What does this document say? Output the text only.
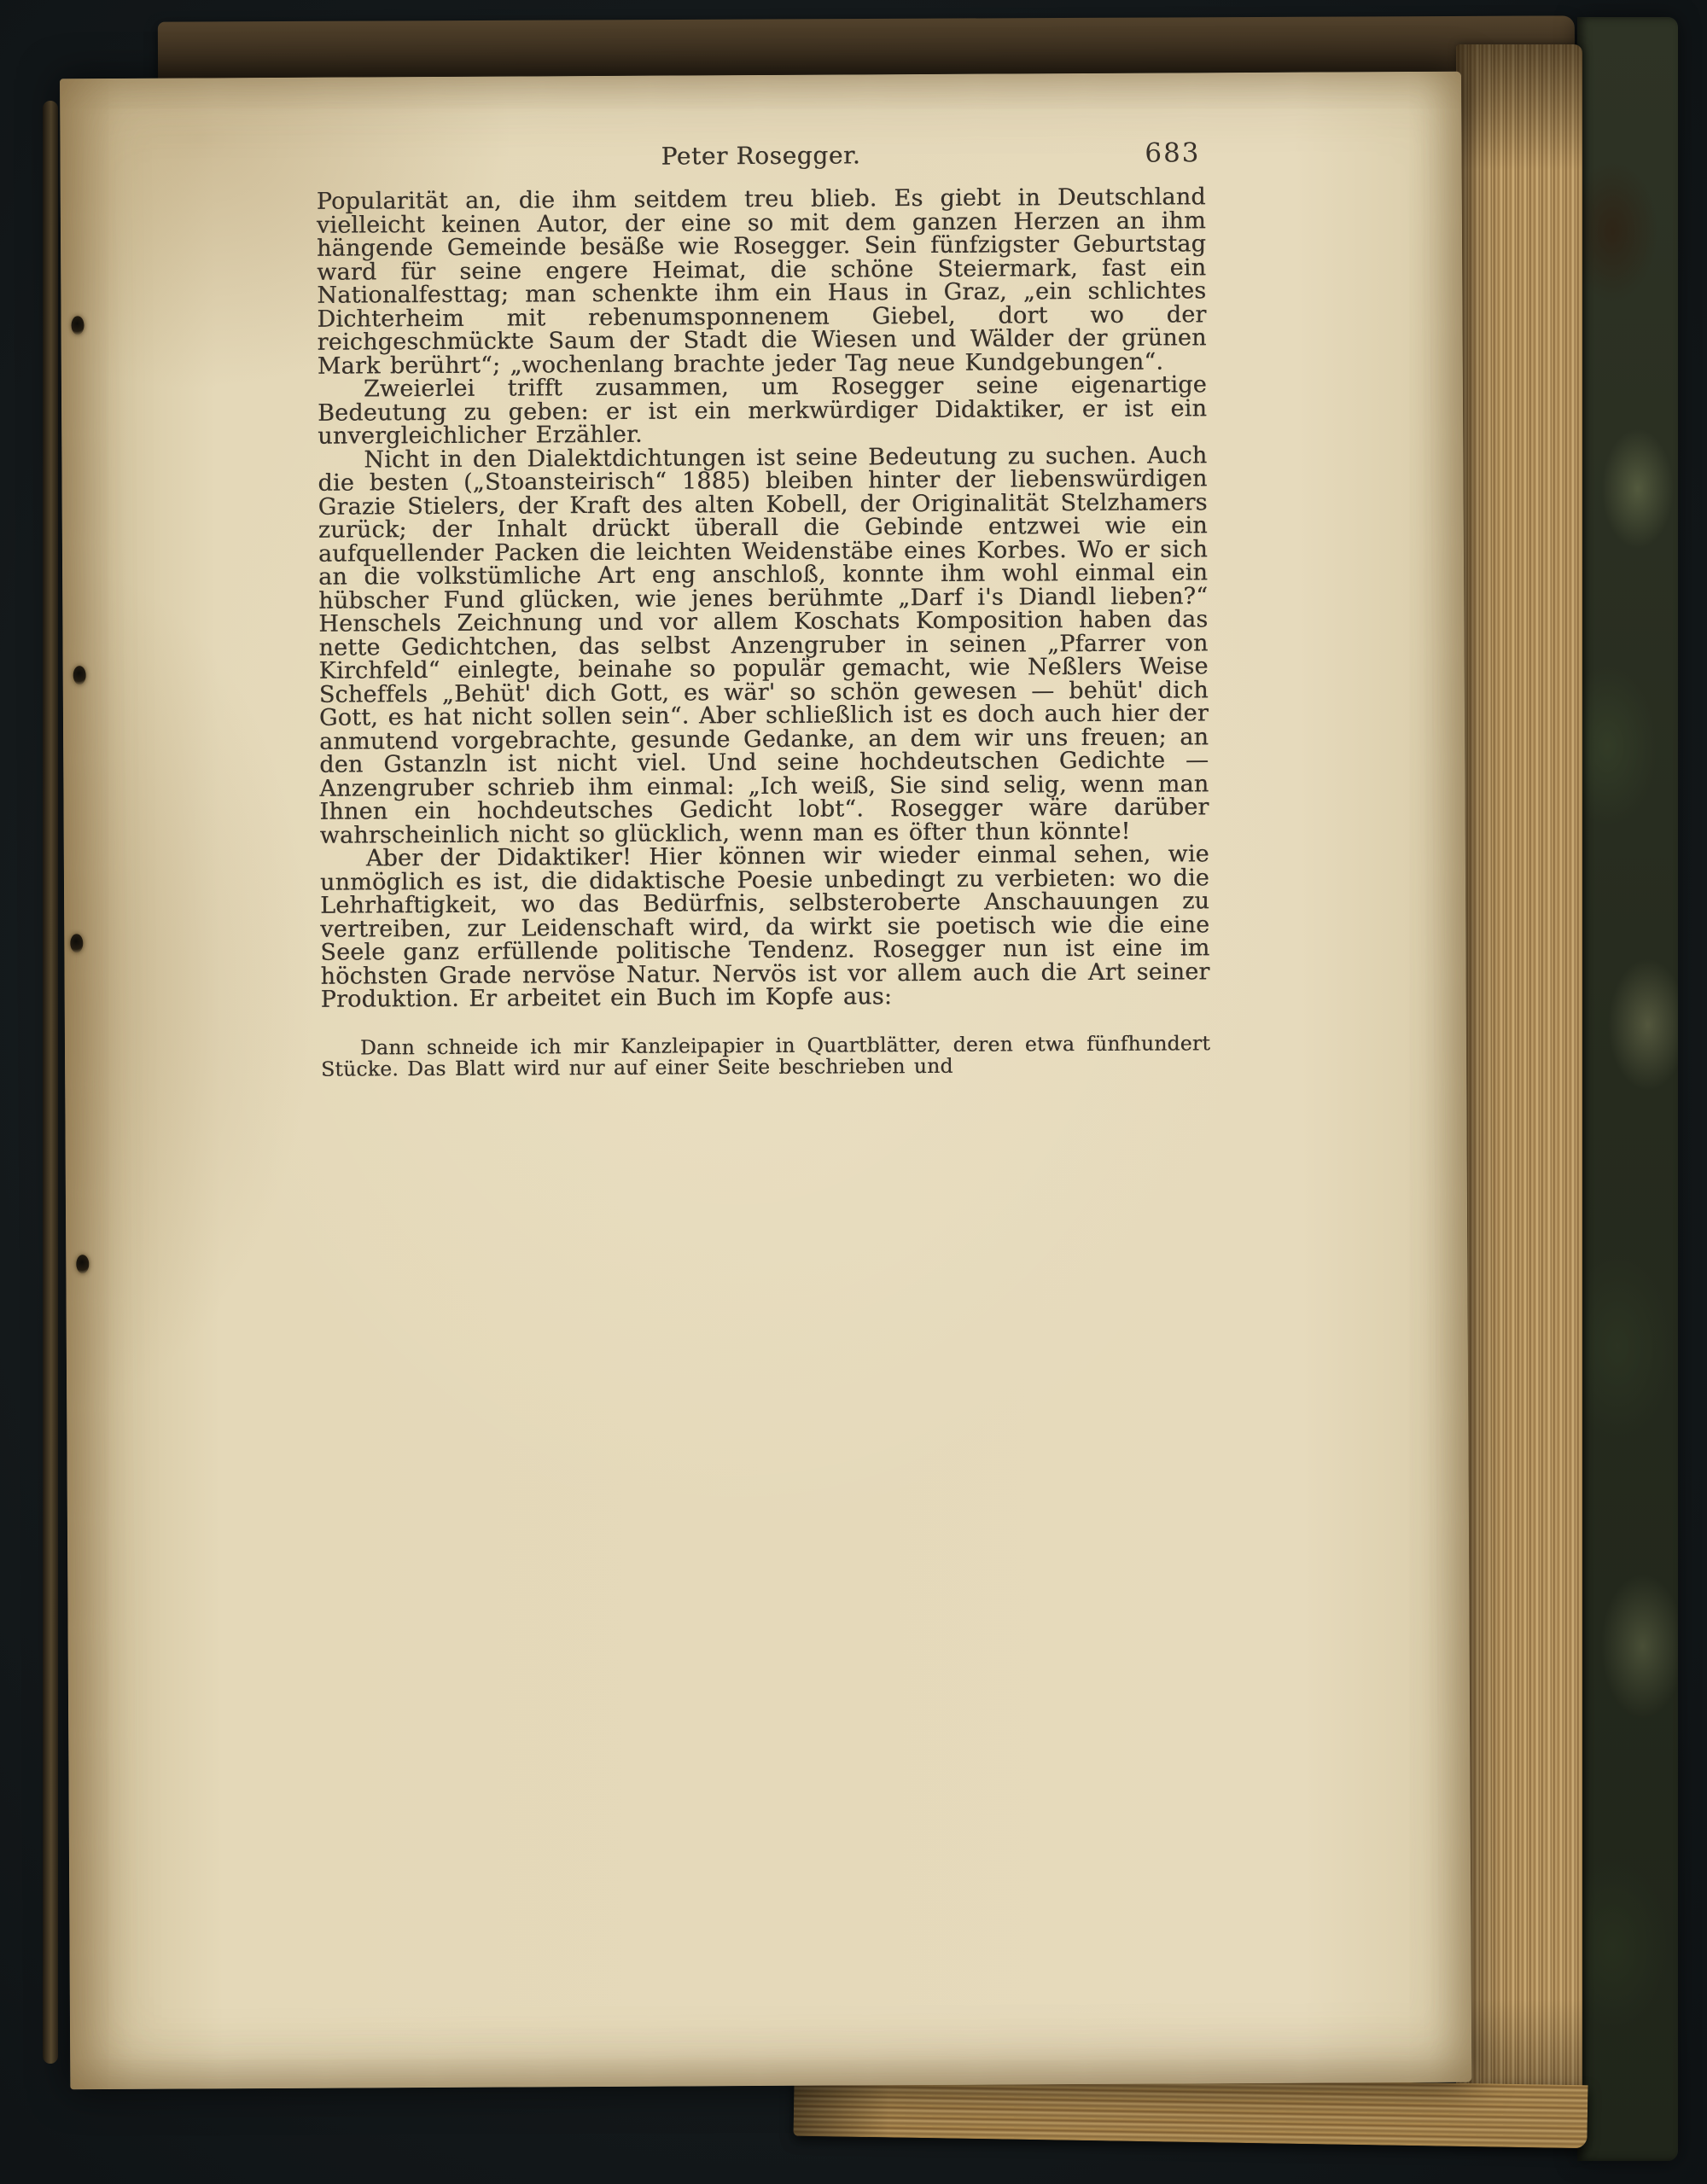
Peter Rosegger.	683

Popularität an, die ihm seitdem treu blieb. Es giebt in Deutschland vielleicht keinen Autor, der eine so mit dem ganzen Herzen an ihm hängende Gemeinde besäße wie Rosegger. Sein fünfzigster Geburtstag ward für seine engere Heimat, die schöne Steiermark, fast ein Nationalfesttag; man schenkte ihm ein Haus in Graz, „ein schlichtes Dichterheim mit rebenumsponnenem Giebel, dort wo der reichgeschmückte Saum der Stadt die Wiesen und Wälder der grünen Mark berührt“; „wochenlang brachte jeder Tag neue Kundgebungen“.

Zweierlei trifft zusammen, um Rosegger seine eigenartige Bedeutung zu geben: er ist ein merkwürdiger Didaktiker, er ist ein unvergleichlicher Erzähler.

Nicht in den Dialektdichtungen ist seine Bedeutung zu suchen. Auch die besten („Stoansteirisch“ 1885) bleiben hinter der liebenswürdigen Grazie Stielers, der Kraft des alten Kobell, der Originalität Stelzhamers zurück; der Inhalt drückt überall die Gebinde entzwei wie ein aufquellender Packen die leichten Weidenstäbe eines Korbes. Wo er sich an die volkstümliche Art eng anschloß, konnte ihm wohl einmal ein hübscher Fund glücken, wie jenes berühmte „Darf i's Diandl lieben?“ Henschels Zeichnung und vor allem Koschats Komposition haben das nette Gedichtchen, das selbst Anzengruber in seinen „Pfarrer von Kirchfeld“ einlegte, beinahe so populär gemacht, wie Neßlers Weise Scheffels „Behüt' dich Gott, es wär' so schön gewesen — behüt' dich Gott, es hat nicht sollen sein“. Aber schließlich ist es doch auch hier der anmutend vorgebrachte, gesunde Gedanke, an dem wir uns freuen; an den Gstanzln ist nicht viel. Und seine hochdeutschen Gedichte — Anzengruber schrieb ihm einmal: „Ich weiß, Sie sind selig, wenn man Ihnen ein hochdeutsches Gedicht lobt“. Rosegger wäre darüber wahrscheinlich nicht so glücklich, wenn man es öfter thun könnte!

Aber der Didaktiker! Hier können wir wieder einmal sehen, wie unmöglich es ist, die didaktische Poesie unbedingt zu verbieten: wo die Lehrhaftigkeit, wo das Bedürfnis, selbsteroberte Anschauungen zu vertreiben, zur Leidenschaft wird, da wirkt sie poetisch wie die eine Seele ganz erfüllende politische Tendenz. Rosegger nun ist eine im höchsten Grade nervöse Natur. Nervös ist vor allem auch die Art seiner Produktion. Er arbeitet ein Buch im Kopfe aus:

Dann schneide ich mir Kanzleipapier in Quartblätter, deren etwa fünfhundert Stücke. Das Blatt wird nur auf einer Seite beschrieben und
